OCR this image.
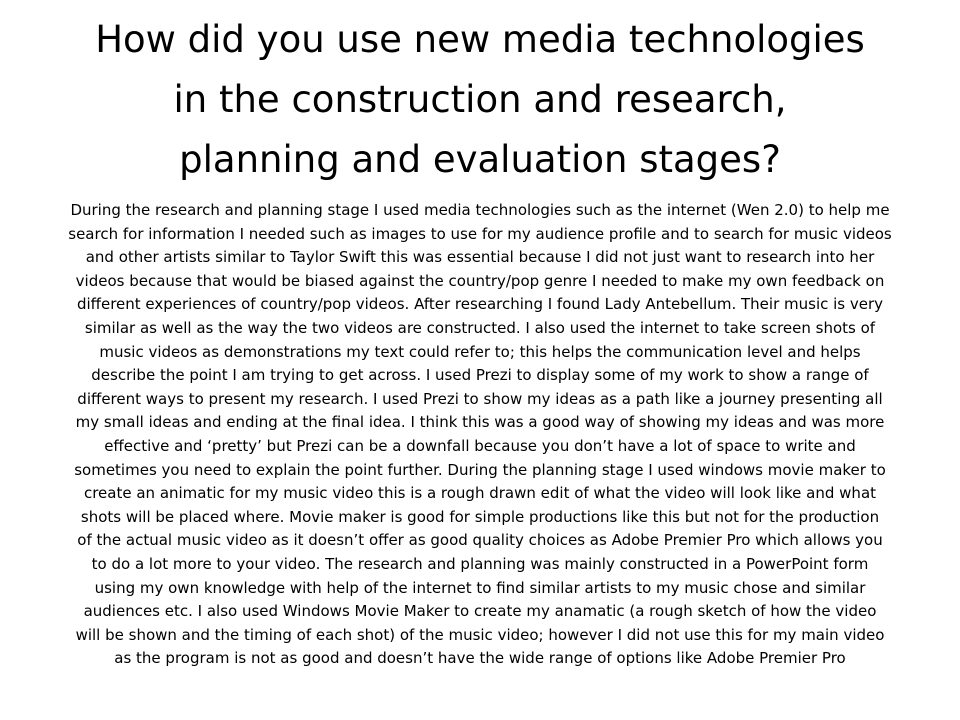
How did you use new media technologies
in the construction and research,
planning and evaluation stages?
During the research and planning stage I used media technologies such as the internet (Wen 2.0) to help me
search for information I needed such as images to use for my audience profile and to search for music videos
and other artists similar to Taylor Swift this was essential because I did not just want to research into her
videos because that would be biased against the country/pop genre I needed to make my own feedback on
different experiences of country/pop videos. After researching I found Lady Antebellum. Their music is very
similar as well as the way the two videos are constructed. I also used the internet to take screen shots of
music videos as demonstrations my text could refer to; this helps the communication level and helps
describe the point I am trying to get across. I used Prezi to display some of my work to show a range of
different ways to present my research. I used Prezi to show my ideas as a path like a journey presenting all
my small ideas and ending at the final idea. I think this was a good way of showing my ideas and was more
effective and ‘pretty’ but Prezi can be a downfall because you don’t have a lot of space to write and
sometimes you need to explain the point further. During the planning stage I used windows movie maker to
create an animatic for my music video this is a rough drawn edit of what the video will look like and what
shots will be placed where. Movie maker is good for simple productions like this but not for the production
of the actual music video as it doesn’t offer as good quality choices as Adobe Premier Pro which allows you
to do a lot more to your video. The research and planning was mainly constructed in a PowerPoint form
using my own knowledge with help of the internet to find similar artists to my music chose and similar
audiences etc. I also used Windows Movie Maker to create my anamatic (a rough sketch of how the video
will be shown and the timing of each shot) of the music video; however I did not use this for my main video
as the program is not as good and doesn’t have the wide range of options like Adobe Premier Pro
